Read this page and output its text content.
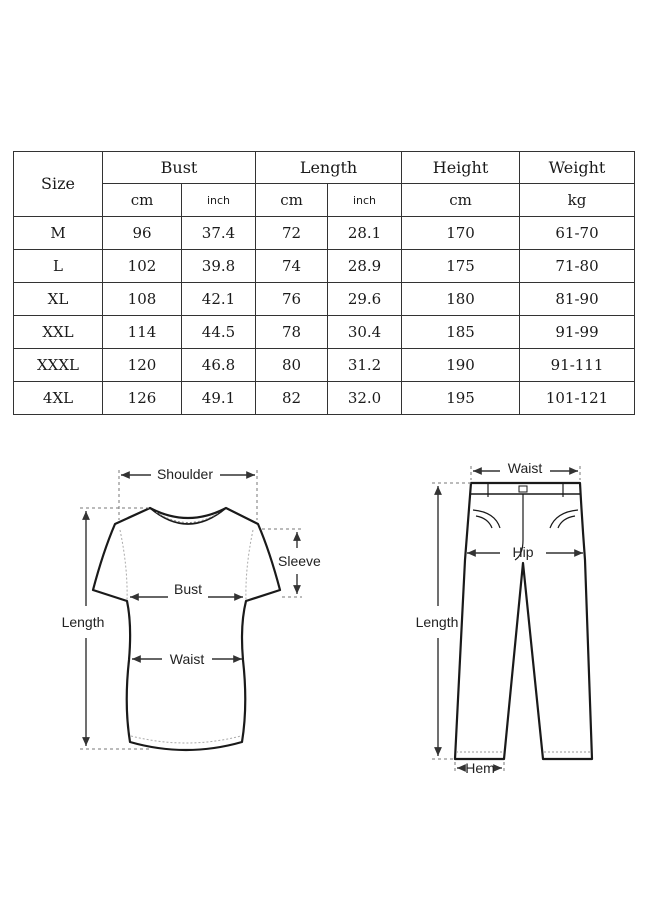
Size	Bust		Length		Height	Weight
	cm	inch	cm	inch	cm	kg
M	96	37.4	72	28.1	170	61-70
L	102	39.8	74	28.9	175	71-80
XL	108	42.1	76	29.6	180	81-90
XXL	114	44.5	78	30.4	185	91-99
XXXL	120	46.8	80	31.2	190	91-111
4XL	126	49.1	82	32.0	195	101-121
Shoulder
Sleeve
Bust
Waist
Length
Waist
Hip
Length
Hem
